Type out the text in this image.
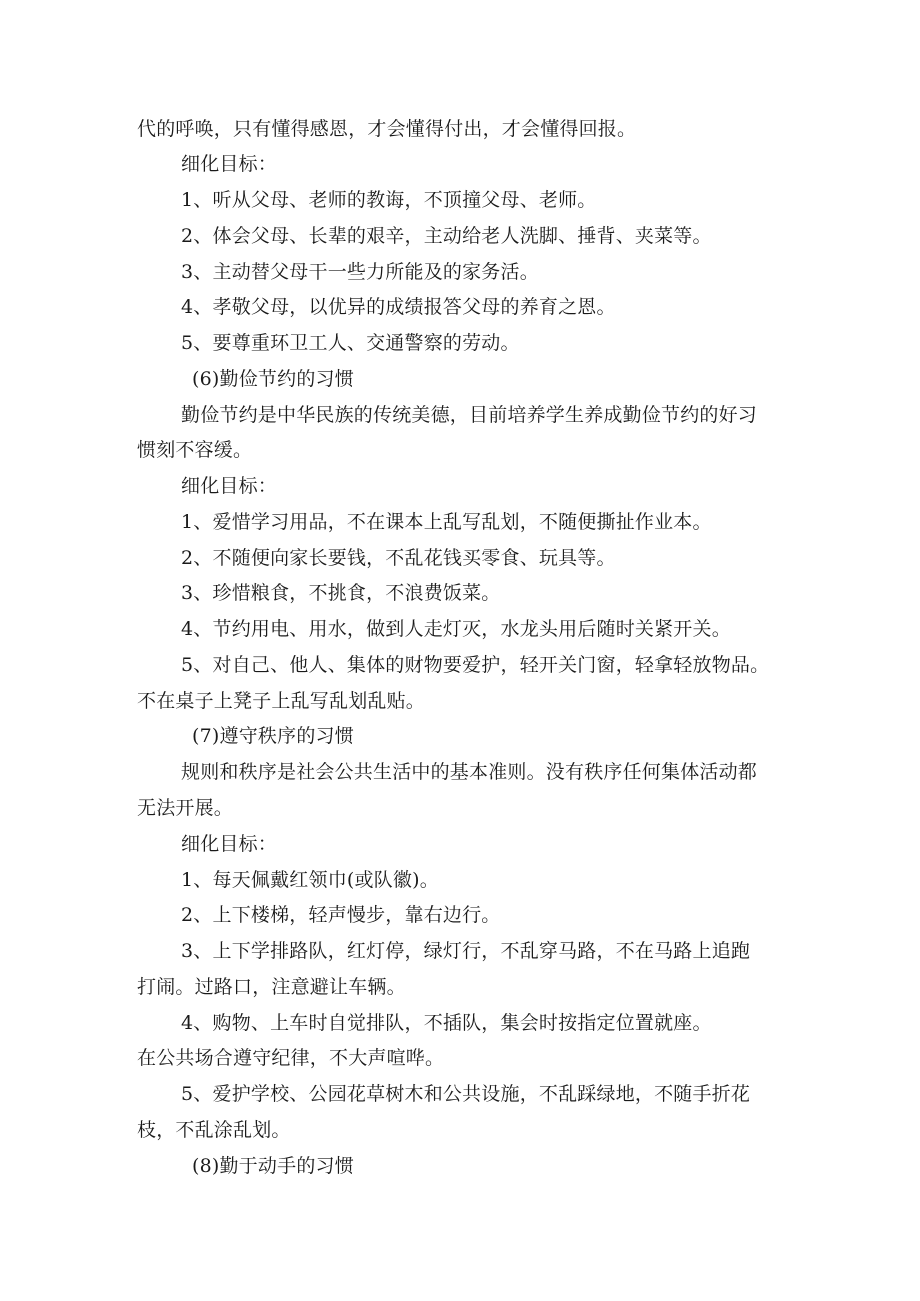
代的呼唤，只有懂得感恩，才会懂得付出，才会懂得回报。
细化目标：
1、听从父母、老师的教诲，不顶撞父母、老师。
2、体会父母、长辈的艰辛，主动给老人洗脚、捶背、夹菜等。
3、主动替父母干一些力所能及的家务活。
4、孝敬父母，以优异的成绩报答父母的养育之恩。
5、要尊重环卫工人、交通警察的劳动。
(6)勤俭节约的习惯
勤俭节约是中华民族的传统美德，目前培养学生养成勤俭节约的好习
惯刻不容缓。
细化目标：
1、爱惜学习用品，不在课本上乱写乱划，不随便撕扯作业本。
2、不随便向家长要钱，不乱花钱买零食、玩具等。
3、珍惜粮食，不挑食，不浪费饭菜。
4、节约用电、用水，做到人走灯灭，水龙头用后随时关紧开关。
5、对自己、他人、集体的财物要爱护，轻开关门窗，轻拿轻放物品。
不在桌子上凳子上乱写乱划乱贴。
(7)遵守秩序的习惯
规则和秩序是社会公共生活中的基本准则。没有秩序任何集体活动都
无法开展。
细化目标：
1、每天佩戴红领巾(或队徽)。
2、上下楼梯，轻声慢步，靠右边行。
3、上下学排路队，红灯停，绿灯行，不乱穿马路，不在马路上追跑
打闹。过路口，注意避让车辆。
4、购物、上车时自觉排队，不插队，集会时按指定位置就座。
在公共场合遵守纪律，不大声喧哗。
5、爱护学校、公园花草树木和公共设施，不乱踩绿地，不随手折花
枝，不乱涂乱划。
(8)勤于动手的习惯
